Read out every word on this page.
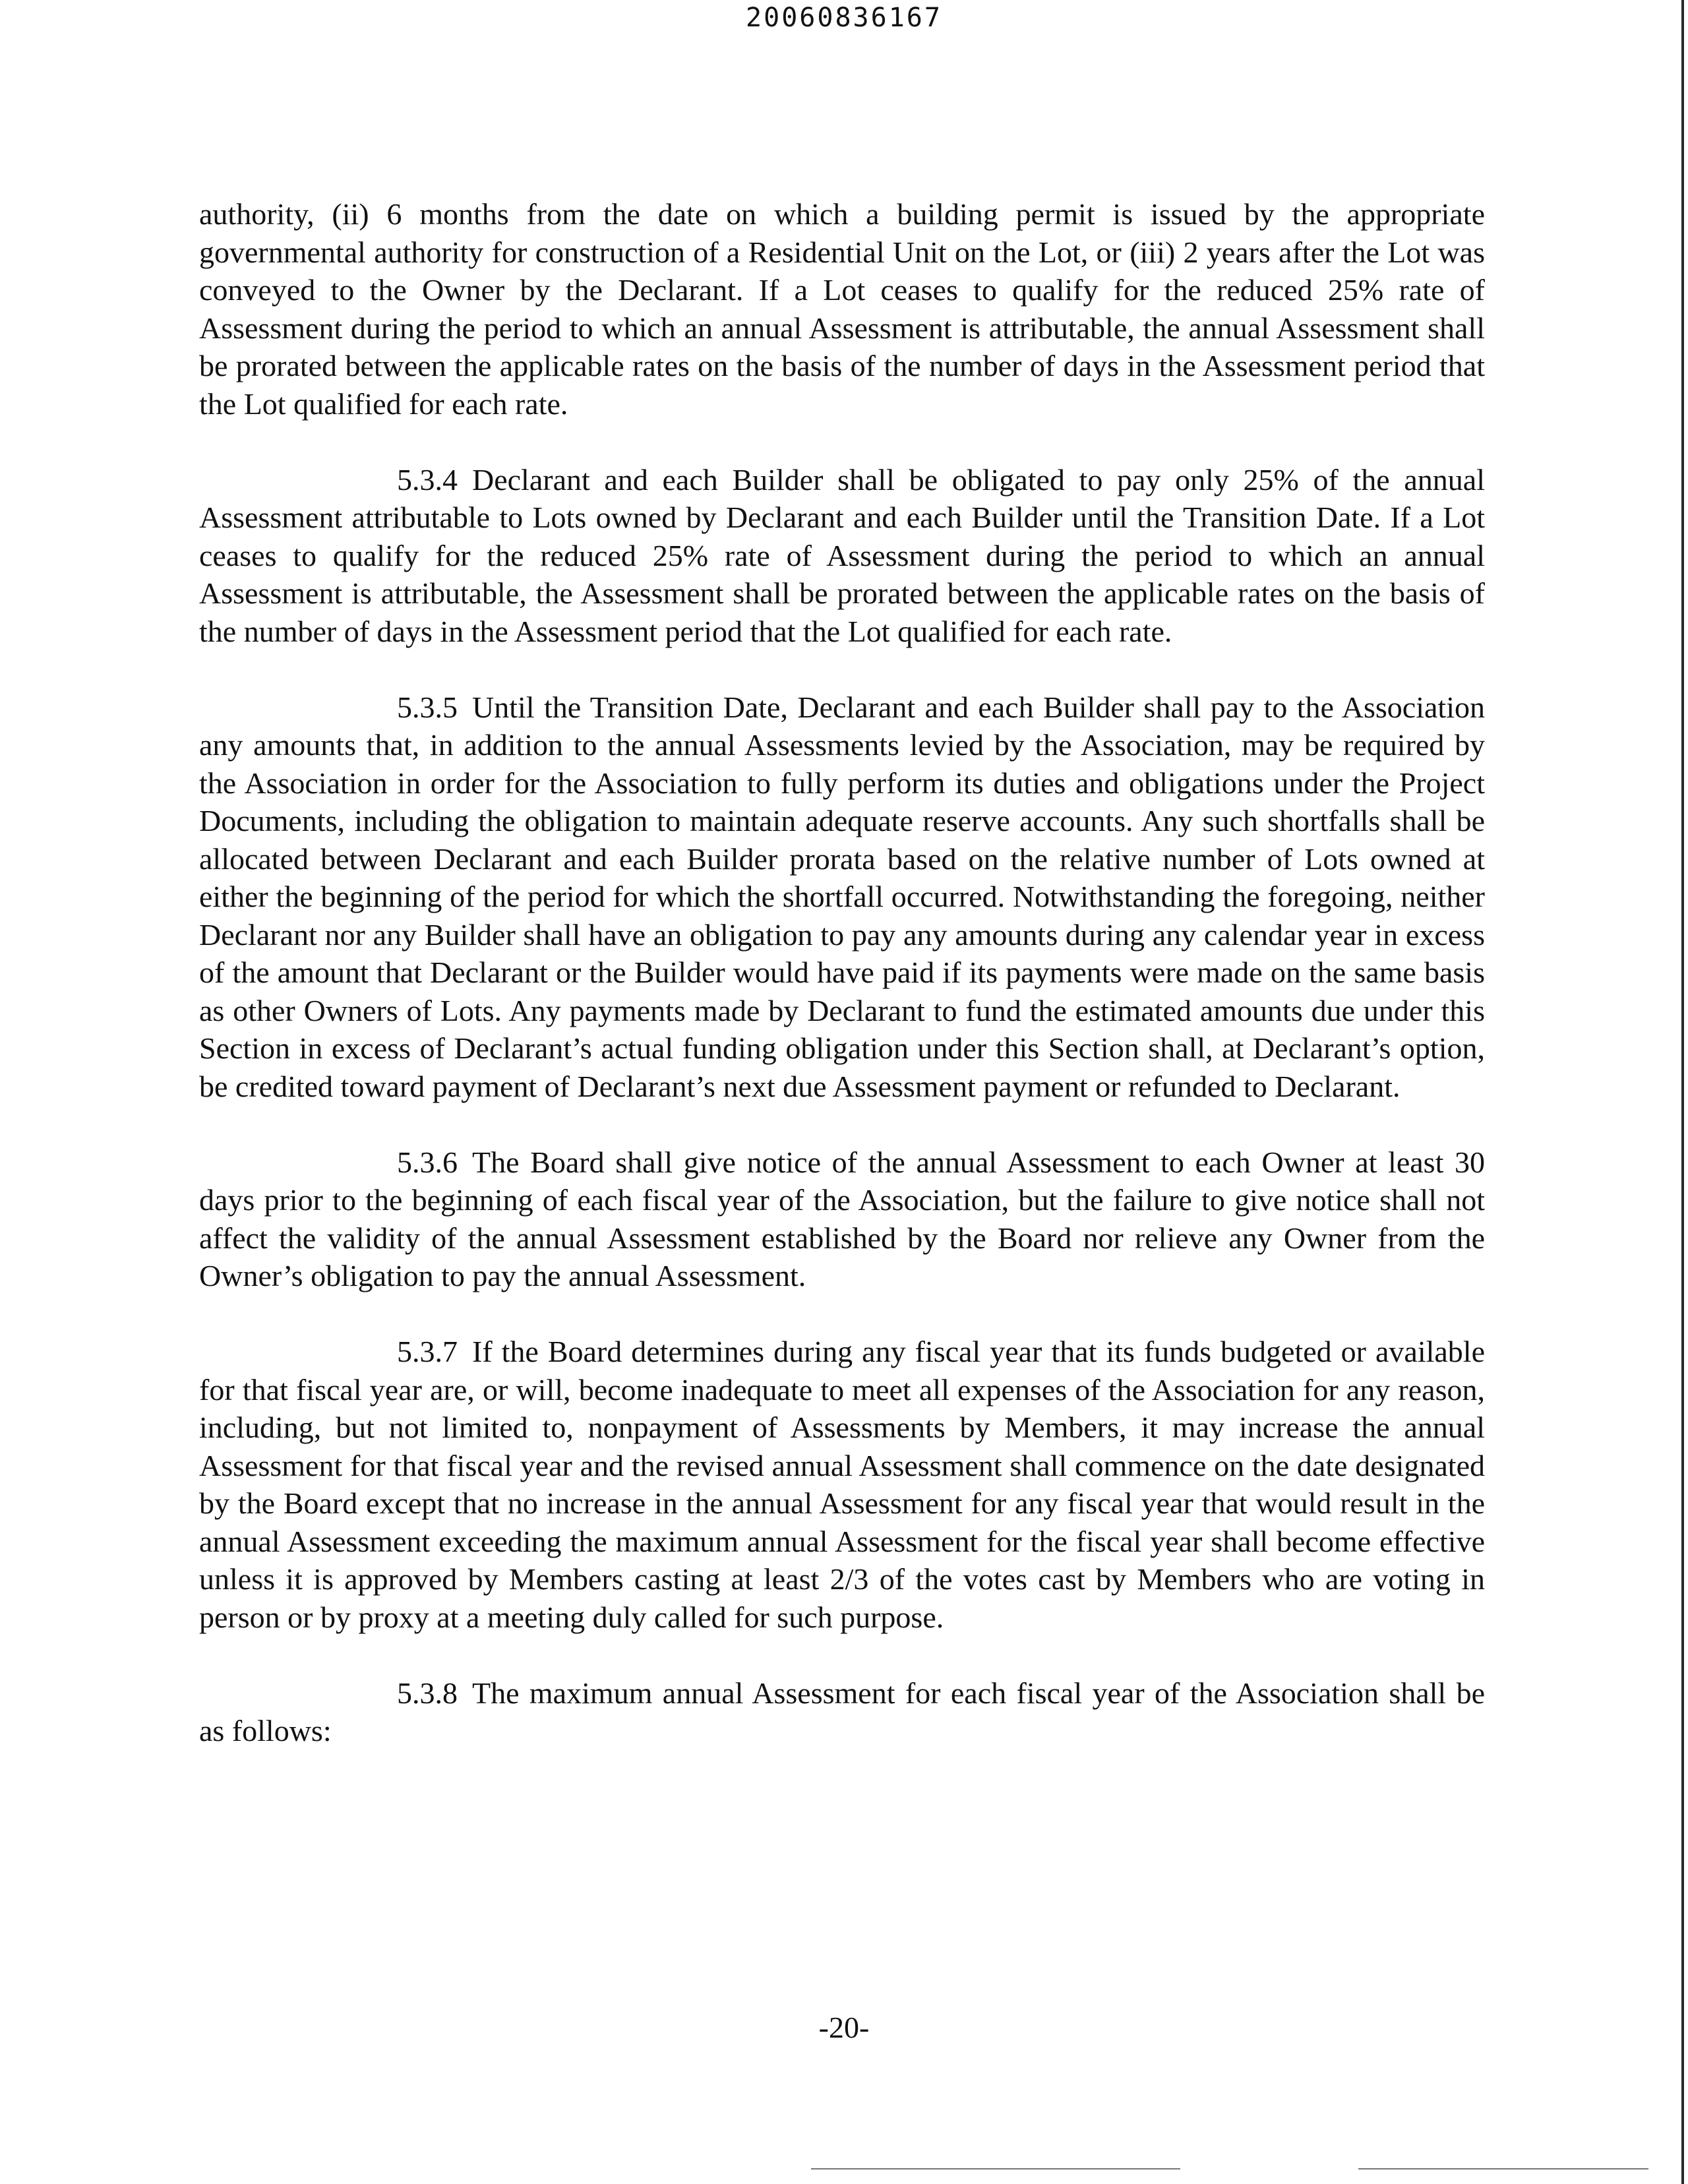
20060836167

authority, (ii) 6 months from the date on which a building permit is issued by the appropriate governmental authority for construction of a Residential Unit on the Lot, or (iii) 2 years after the Lot was conveyed to the Owner by the Declarant. If a Lot ceases to qualify for the reduced 25% rate of Assessment during the period to which an annual Assessment is attributable, the annual Assessment shall be prorated between the applicable rates on the basis of the number of days in the Assessment period that the Lot qualified for each rate.

5.3.4 Declarant and each Builder shall be obligated to pay only 25% of the annual Assessment attributable to Lots owned by Declarant and each Builder until the Transition Date. If a Lot ceases to qualify for the reduced 25% rate of Assessment during the period to which an annual Assessment is attributable, the Assessment shall be prorated between the applicable rates on the basis of the number of days in the Assessment period that the Lot qualified for each rate.

5.3.5 Until the Transition Date, Declarant and each Builder shall pay to the Association any amounts that, in addition to the annual Assessments levied by the Association, may be required by the Association in order for the Association to fully perform its duties and obligations under the Project Documents, including the obligation to maintain adequate reserve accounts. Any such shortfalls shall be allocated between Declarant and each Builder prorata based on the relative number of Lots owned at either the beginning of the period for which the shortfall occurred. Notwithstanding the foregoing, neither Declarant nor any Builder shall have an obligation to pay any amounts during any calendar year in excess of the amount that Declarant or the Builder would have paid if its payments were made on the same basis as other Owners of Lots. Any payments made by Declarant to fund the estimated amounts due under this Section in excess of Declarant’s actual funding obligation under this Section shall, at Declarant’s option, be credited toward payment of Declarant’s next due Assessment payment or refunded to Declarant.

5.3.6 The Board shall give notice of the annual Assessment to each Owner at least 30 days prior to the beginning of each fiscal year of the Association, but the failure to give notice shall not affect the validity of the annual Assessment established by the Board nor relieve any Owner from the Owner’s obligation to pay the annual Assessment.

5.3.7 If the Board determines during any fiscal year that its funds budgeted or available for that fiscal year are, or will, become inadequate to meet all expenses of the Association for any reason, including, but not limited to, nonpayment of Assessments by Members, it may increase the annual Assessment for that fiscal year and the revised annual Assessment shall commence on the date designated by the Board except that no increase in the annual Assessment for any fiscal year that would result in the annual Assessment exceeding the maximum annual Assessment for the fiscal year shall become effective unless it is approved by Members casting at least 2/3 of the votes cast by Members who are voting in person or by proxy at a meeting duly called for such purpose.

5.3.8 The maximum annual Assessment for each fiscal year of the Association shall be as follows:

-20-
